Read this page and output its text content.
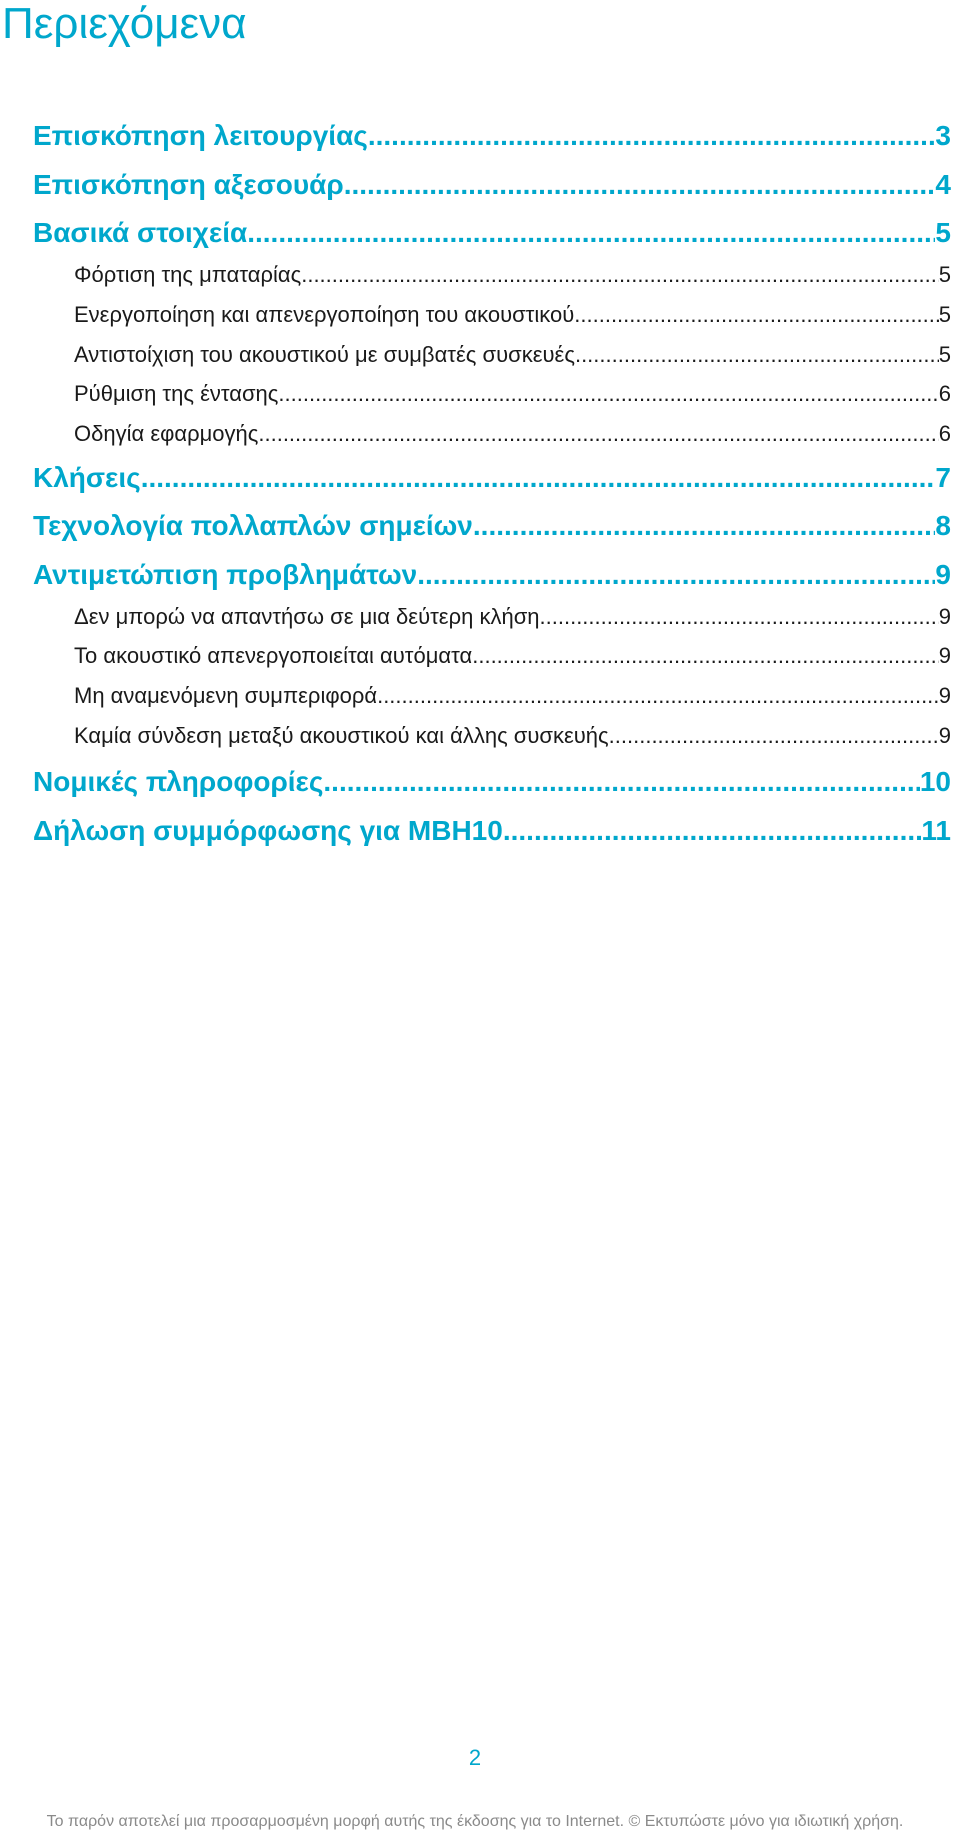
Περιεχόμενα
Επισκόπηση λειτουργίας .....	3
Επισκόπηση αξεσουάρ .....	4
Βασικά στοιχεία .....	5
Φόρτιση της μπαταρίας .....	5
Ενεργοποίηση και απενεργοποίηση του ακουστικού .....	5
Αντιστοίχιση του ακουστικού με συμβατές συσκευές .....	5
Ρύθμιση της έντασης .....	6
Οδηγία εφαρμογής .....	6
Κλήσεις .....	7
Τεχνολογία πολλαπλών σημείων .....	8
Αντιμετώπιση προβλημάτων .....	9
Δεν μπορώ να απαντήσω σε μια δεύτερη κλήση .....	9
Το ακουστικό απενεργοποιείται αυτόματα .....	9
Μη αναμενόμενη συμπεριφορά .....	9
Καμία σύνδεση μεταξύ ακουστικού και άλλης συσκευής .....	9
Νομικές πληροφορίες .....	10
Δήλωση συμμόρφωσης για MBH10 .....	11
2
Το παρόν αποτελεί μια προσαρμοσμένη μορφή αυτής της έκδοσης για το Internet. © Εκτυπώστε μόνο για ιδιωτική χρήση.
